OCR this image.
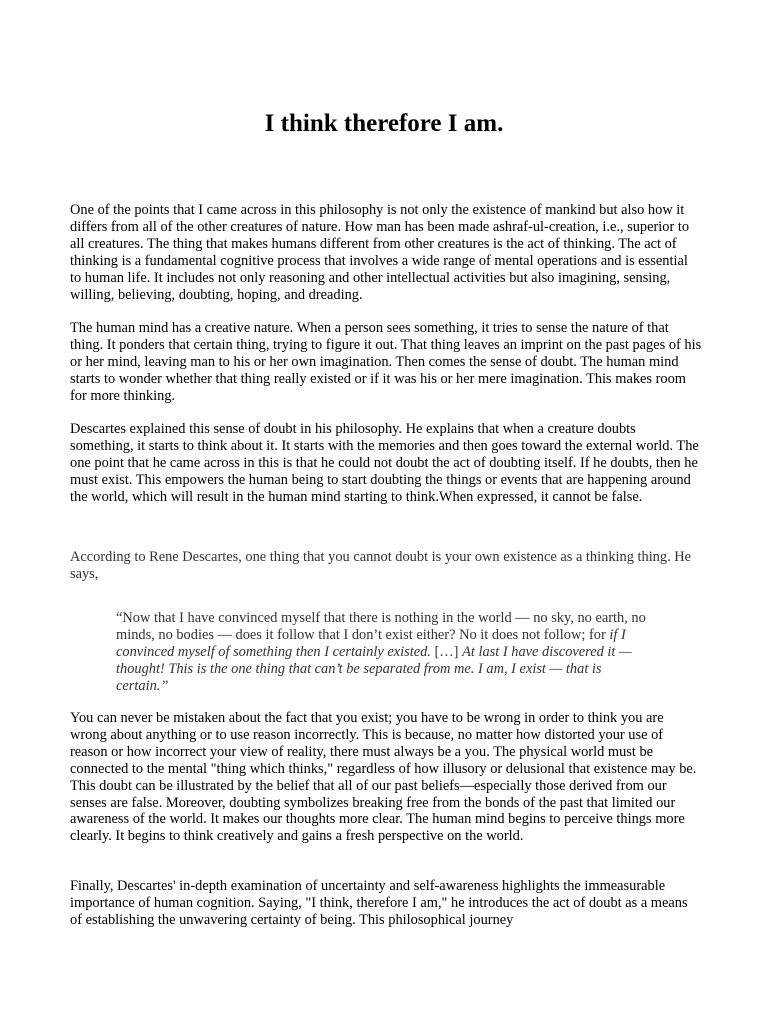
I think therefore I am.

One of the points that I came across in this philosophy is not only the existence of mankind but also how it differs from all of the other creatures of nature. How man has been made ashraf-ul-creation, i.e., superior to all creatures. The thing that makes humans different from other creatures is the act of thinking. The act of thinking is a fundamental cognitive process that involves a wide range of mental operations and is essential to human life. It includes not only reasoning and other intellectual activities but also imagining, sensing, willing, believing, doubting, hoping, and dreading.

The human mind has a creative nature. When a person sees something, it tries to sense the nature of that thing. It ponders that certain thing, trying to figure it out. That thing leaves an imprint on the past pages of his or her mind, leaving man to his or her own imagination. Then comes the sense of doubt. The human mind starts to wonder whether that thing really existed or if it was his or her mere imagination. This makes room for more thinking.

Descartes explained this sense of doubt in his philosophy. He explains that when a creature doubts something, it starts to think about it. It starts with the memories and then goes toward the external world. The one point that he came across in this is that he could not doubt the act of doubting itself. If he doubts, then he must exist. This empowers the human being to start doubting the things or events that are happening around the world, which will result in the human mind starting to think.When expressed, it cannot be false.

According to Rene Descartes, one thing that you cannot doubt is your own existence as a thinking thing. He says,

“Now that I have convinced myself that there is nothing in the world — no sky, no earth, no minds, no bodies — does it follow that I don’t exist either? No it does not follow; for if I convinced myself of something then I certainly existed. […] At last I have discovered it — thought! This is the one thing that can’t be separated from me. I am, I exist — that is certain.”

You can never be mistaken about the fact that you exist; you have to be wrong in order to think you are wrong about anything or to use reason incorrectly. This is because, no matter how distorted your use of reason or how incorrect your view of reality, there must always be a you. The physical world must be connected to the mental "thing which thinks," regardless of how illusory or delusional that existence may be. This doubt can be illustrated by the belief that all of our past beliefs—especially those derived from our senses are false. Moreover, doubting symbolizes breaking free from the bonds of the past that limited our awareness of the world. It makes our thoughts more clear. The human mind begins to perceive things more clearly. It begins to think creatively and gains a fresh perspective on the world.

Finally, Descartes' in-depth examination of uncertainty and self-awareness highlights the immeasurable importance of human cognition. Saying, "I think, therefore I am," he introduces the act of doubt as a means of establishing the unwavering certainty of being. This philosophical journey
